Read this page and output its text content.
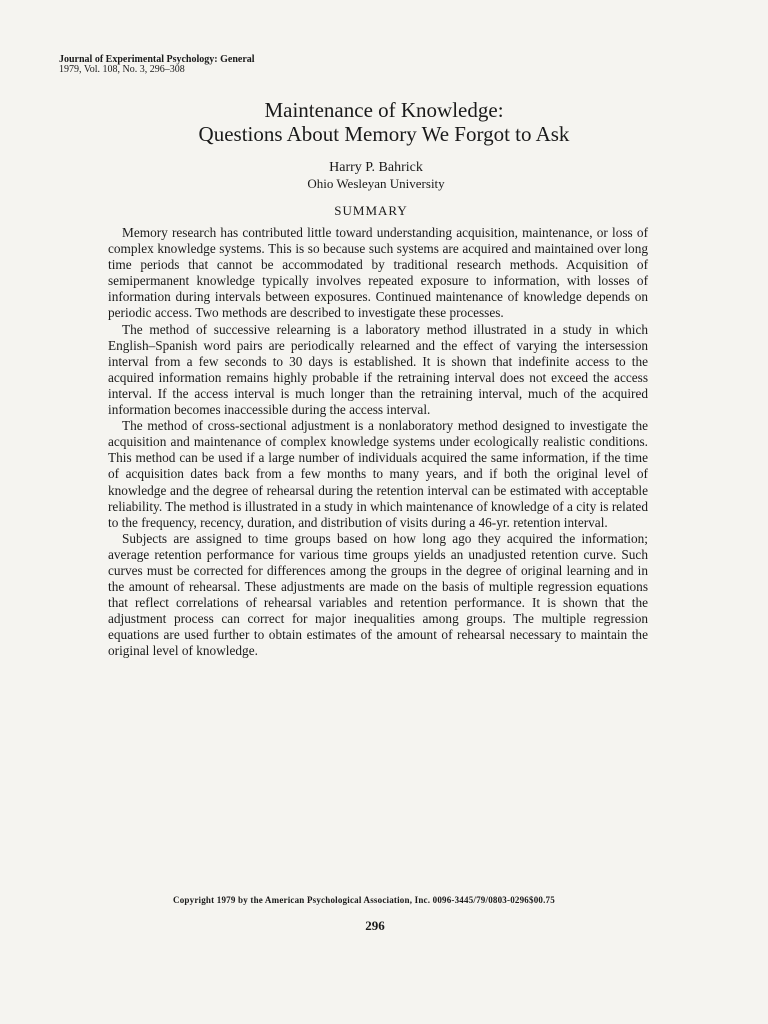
Journal of Experimental Psychology: General
1979, Vol. 108, No. 3, 296–308
Maintenance of Knowledge:
Questions About Memory We Forgot to Ask
Harry P. Bahrick
Ohio Wesleyan University
SUMMARY

Memory research has contributed little toward understanding acquisition, maintenance, or loss of complex knowledge systems. This is so because such systems are acquired and maintained over long time periods that cannot be accommodated by traditional research methods. Acquisition of semipermanent knowledge typically involves repeated exposure to information, with losses of information during intervals between exposures. Continued maintenance of knowledge depends on periodic access. Two methods are described to investigate these processes.

The method of successive relearning is a laboratory method illustrated in a study in which English–Spanish word pairs are periodically relearned and the effect of varying the intersession interval from a few seconds to 30 days is established. It is shown that indefinite access to the acquired information remains highly probable if the retraining interval does not exceed the access interval. If the access interval is much longer than the retraining interval, much of the acquired information becomes inaccessible during the access interval.

The method of cross-sectional adjustment is a nonlaboratory method designed to investigate the acquisition and maintenance of complex knowledge systems under ecologically realistic conditions. This method can be used if a large number of individuals acquired the same information, if the time of acquisition dates back from a few months to many years, and if both the original level of knowledge and the degree of rehearsal during the retention interval can be estimated with acceptable reliability. The method is illustrated in a study in which maintenance of knowledge of a city is related to the frequency, recency, duration, and distribution of visits during a 46-yr. retention interval.

Subjects are assigned to time groups based on how long ago they acquired the information; average retention performance for various time groups yields an unadjusted retention curve. Such curves must be corrected for differences among the groups in the degree of original learning and in the amount of rehearsal. These adjustments are made on the basis of multiple regression equations that reflect correlations of rehearsal variables and retention performance. It is shown that the adjustment process can correct for major inequalities among groups. The multiple regression equations are used further to obtain estimates of the amount of rehearsal necessary to maintain the original level of knowledge.

Copyright 1979 by the American Psychological Association, Inc. 0096-3445/79/0803-0296$00.75
296
